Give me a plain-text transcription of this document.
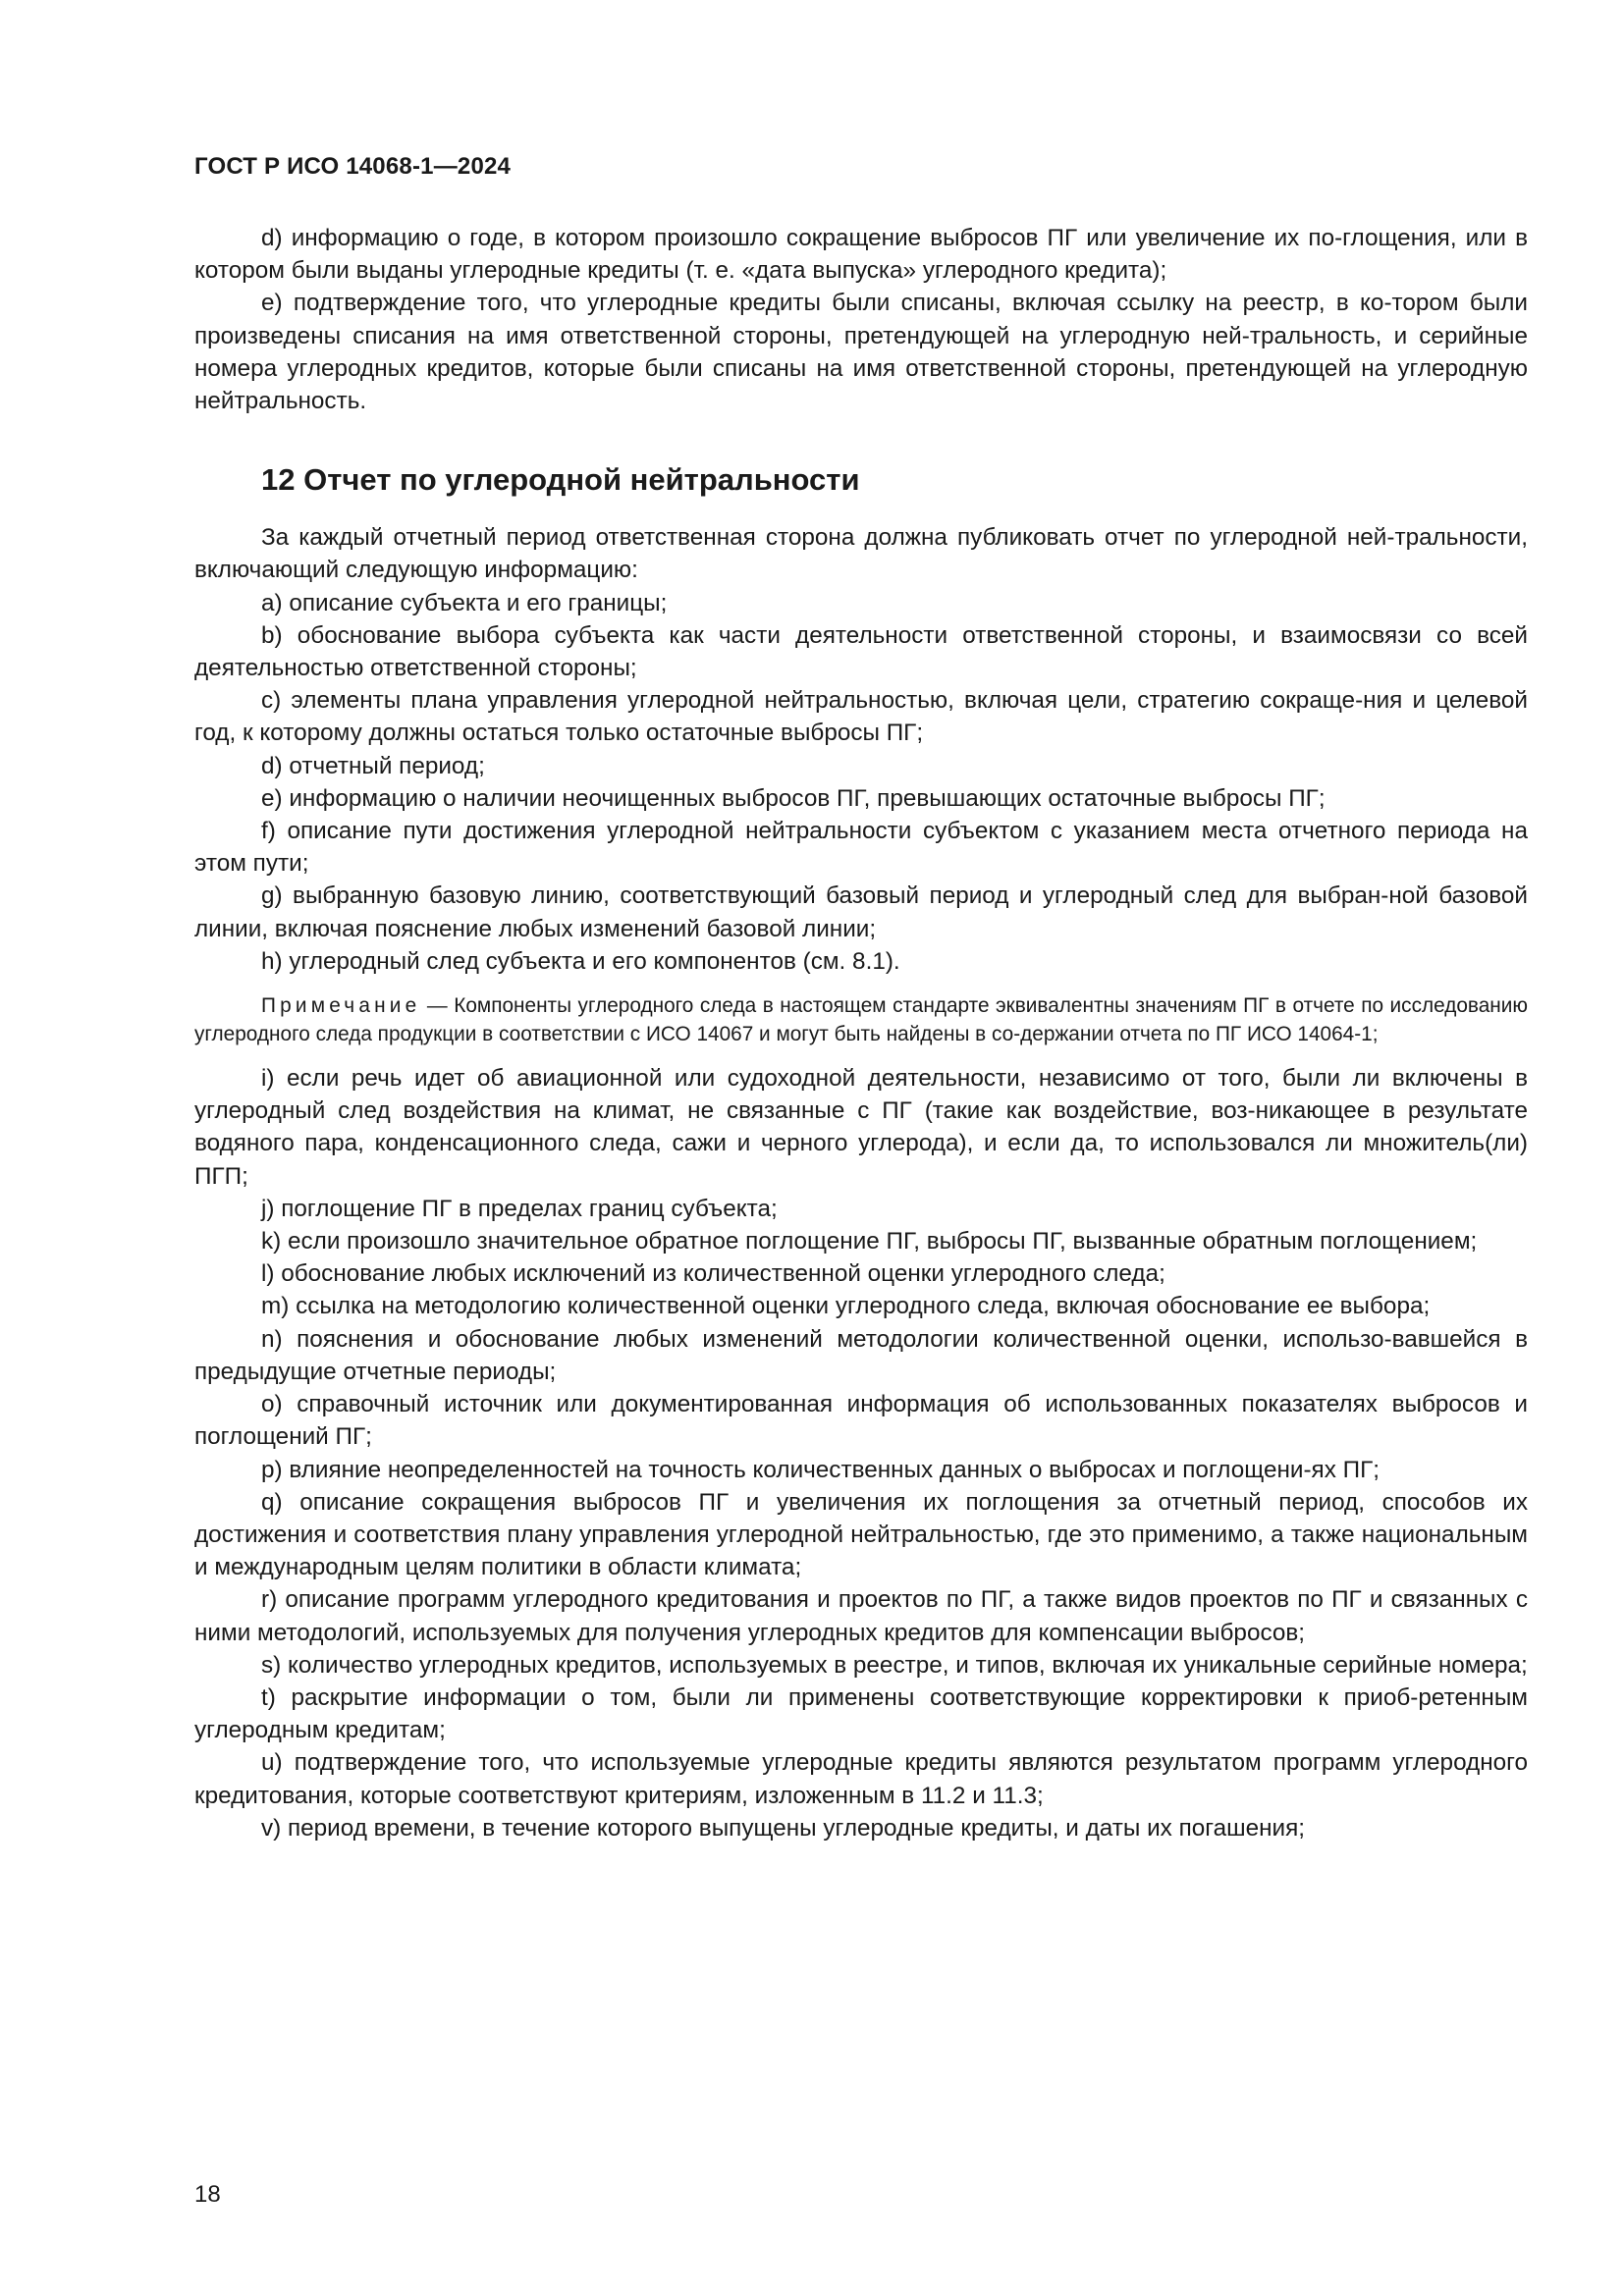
ГОСТ Р ИСО 14068-1—2024

d) информацию о годе, в котором произошло сокращение выбросов ПГ или увеличение их по-глощения, или в котором были выданы углеродные кредиты (т. е. «дата выпуска» углеродного кредита);

e) подтверждение того, что углеродные кредиты были списаны, включая ссылку на реестр, в ко-тором были произведены списания на имя ответственной стороны, претендующей на углеродную ней-тральность, и серийные номера углеродных кредитов, которые были списаны на имя ответственной стороны, претендующей на углеродную нейтральность.

12 Отчет по углеродной нейтральности

За каждый отчетный период ответственная сторона должна публиковать отчет по углеродной ней-тральности, включающий следующую информацию:

a) описание субъекта и его границы;

b) обоснование выбора субъекта как части деятельности ответственной стороны, и взаимосвязи со всей деятельностью ответственной стороны;

c) элементы плана управления углеродной нейтральностью, включая цели, стратегию сокраще-ния и целевой год, к которому должны остаться только остаточные выбросы ПГ;

d) отчетный период;

e) информацию о наличии неочищенных выбросов ПГ, превышающих остаточные выбросы ПГ;

f) описание пути достижения углеродной нейтральности субъектом с указанием места отчетного периода на этом пути;

g) выбранную базовую линию, соответствующий базовый период и углеродный след для выбран-ной базовой линии, включая пояснение любых изменений базовой линии;

h) углеродный след субъекта и его компонентов (см. 8.1).

Примечание — Компоненты углеродного следа в настоящем стандарте эквивалентны значениям ПГ в отчете по исследованию углеродного следа продукции в соответствии с ИСО 14067 и могут быть найдены в со-держании отчета по ПГ ИСО 14064-1;

i) если речь идет об авиационной или судоходной деятельности, независимо от того, были ли включены в углеродный след воздействия на климат, не связанные с ПГ (такие как воздействие, воз-никающее в результате водяного пара, конденсационного следа, сажи и черного углерода), и если да, то использовался ли множитель(ли) ПГП;

j) поглощение ПГ в пределах границ субъекта;

k) если произошло значительное обратное поглощение ПГ, выбросы ПГ, вызванные обратным поглощением;

l) обоснование любых исключений из количественной оценки углеродного следа;

m) ссылка на методологию количественной оценки углеродного следа, включая обоснование ее выбора;

n) пояснения и обоснование любых изменений методологии количественной оценки, использо-вавшейся в предыдущие отчетные периоды;

o) справочный источник или документированная информация об использованных показателях выбросов и поглощений ПГ;

p) влияние неопределенностей на точность количественных данных о выбросах и поглощени-ях ПГ;

q) описание сокращения выбросов ПГ и увеличения их поглощения за отчетный период, способов их достижения и соответствия плану управления углеродной нейтральностью, где это применимо, а также национальным и международным целям политики в области климата;

r) описание программ углеродного кредитования и проектов по ПГ, а также видов проектов по ПГ и связанных с ними методологий, используемых для получения углеродных кредитов для компенсации выбросов;

s) количество углеродных кредитов, используемых в реестре, и типов, включая их уникальные серийные номера;

t) раскрытие информации о том, были ли применены соответствующие корректировки к приоб-ретенным углеродным кредитам;

u) подтверждение того, что используемые углеродные кредиты являются результатом программ углеродного кредитования, которые соответствуют критериям, изложенным в 11.2 и 11.3;

v) период времени, в течение которого выпущены углеродные кредиты, и даты их погашения;

18
